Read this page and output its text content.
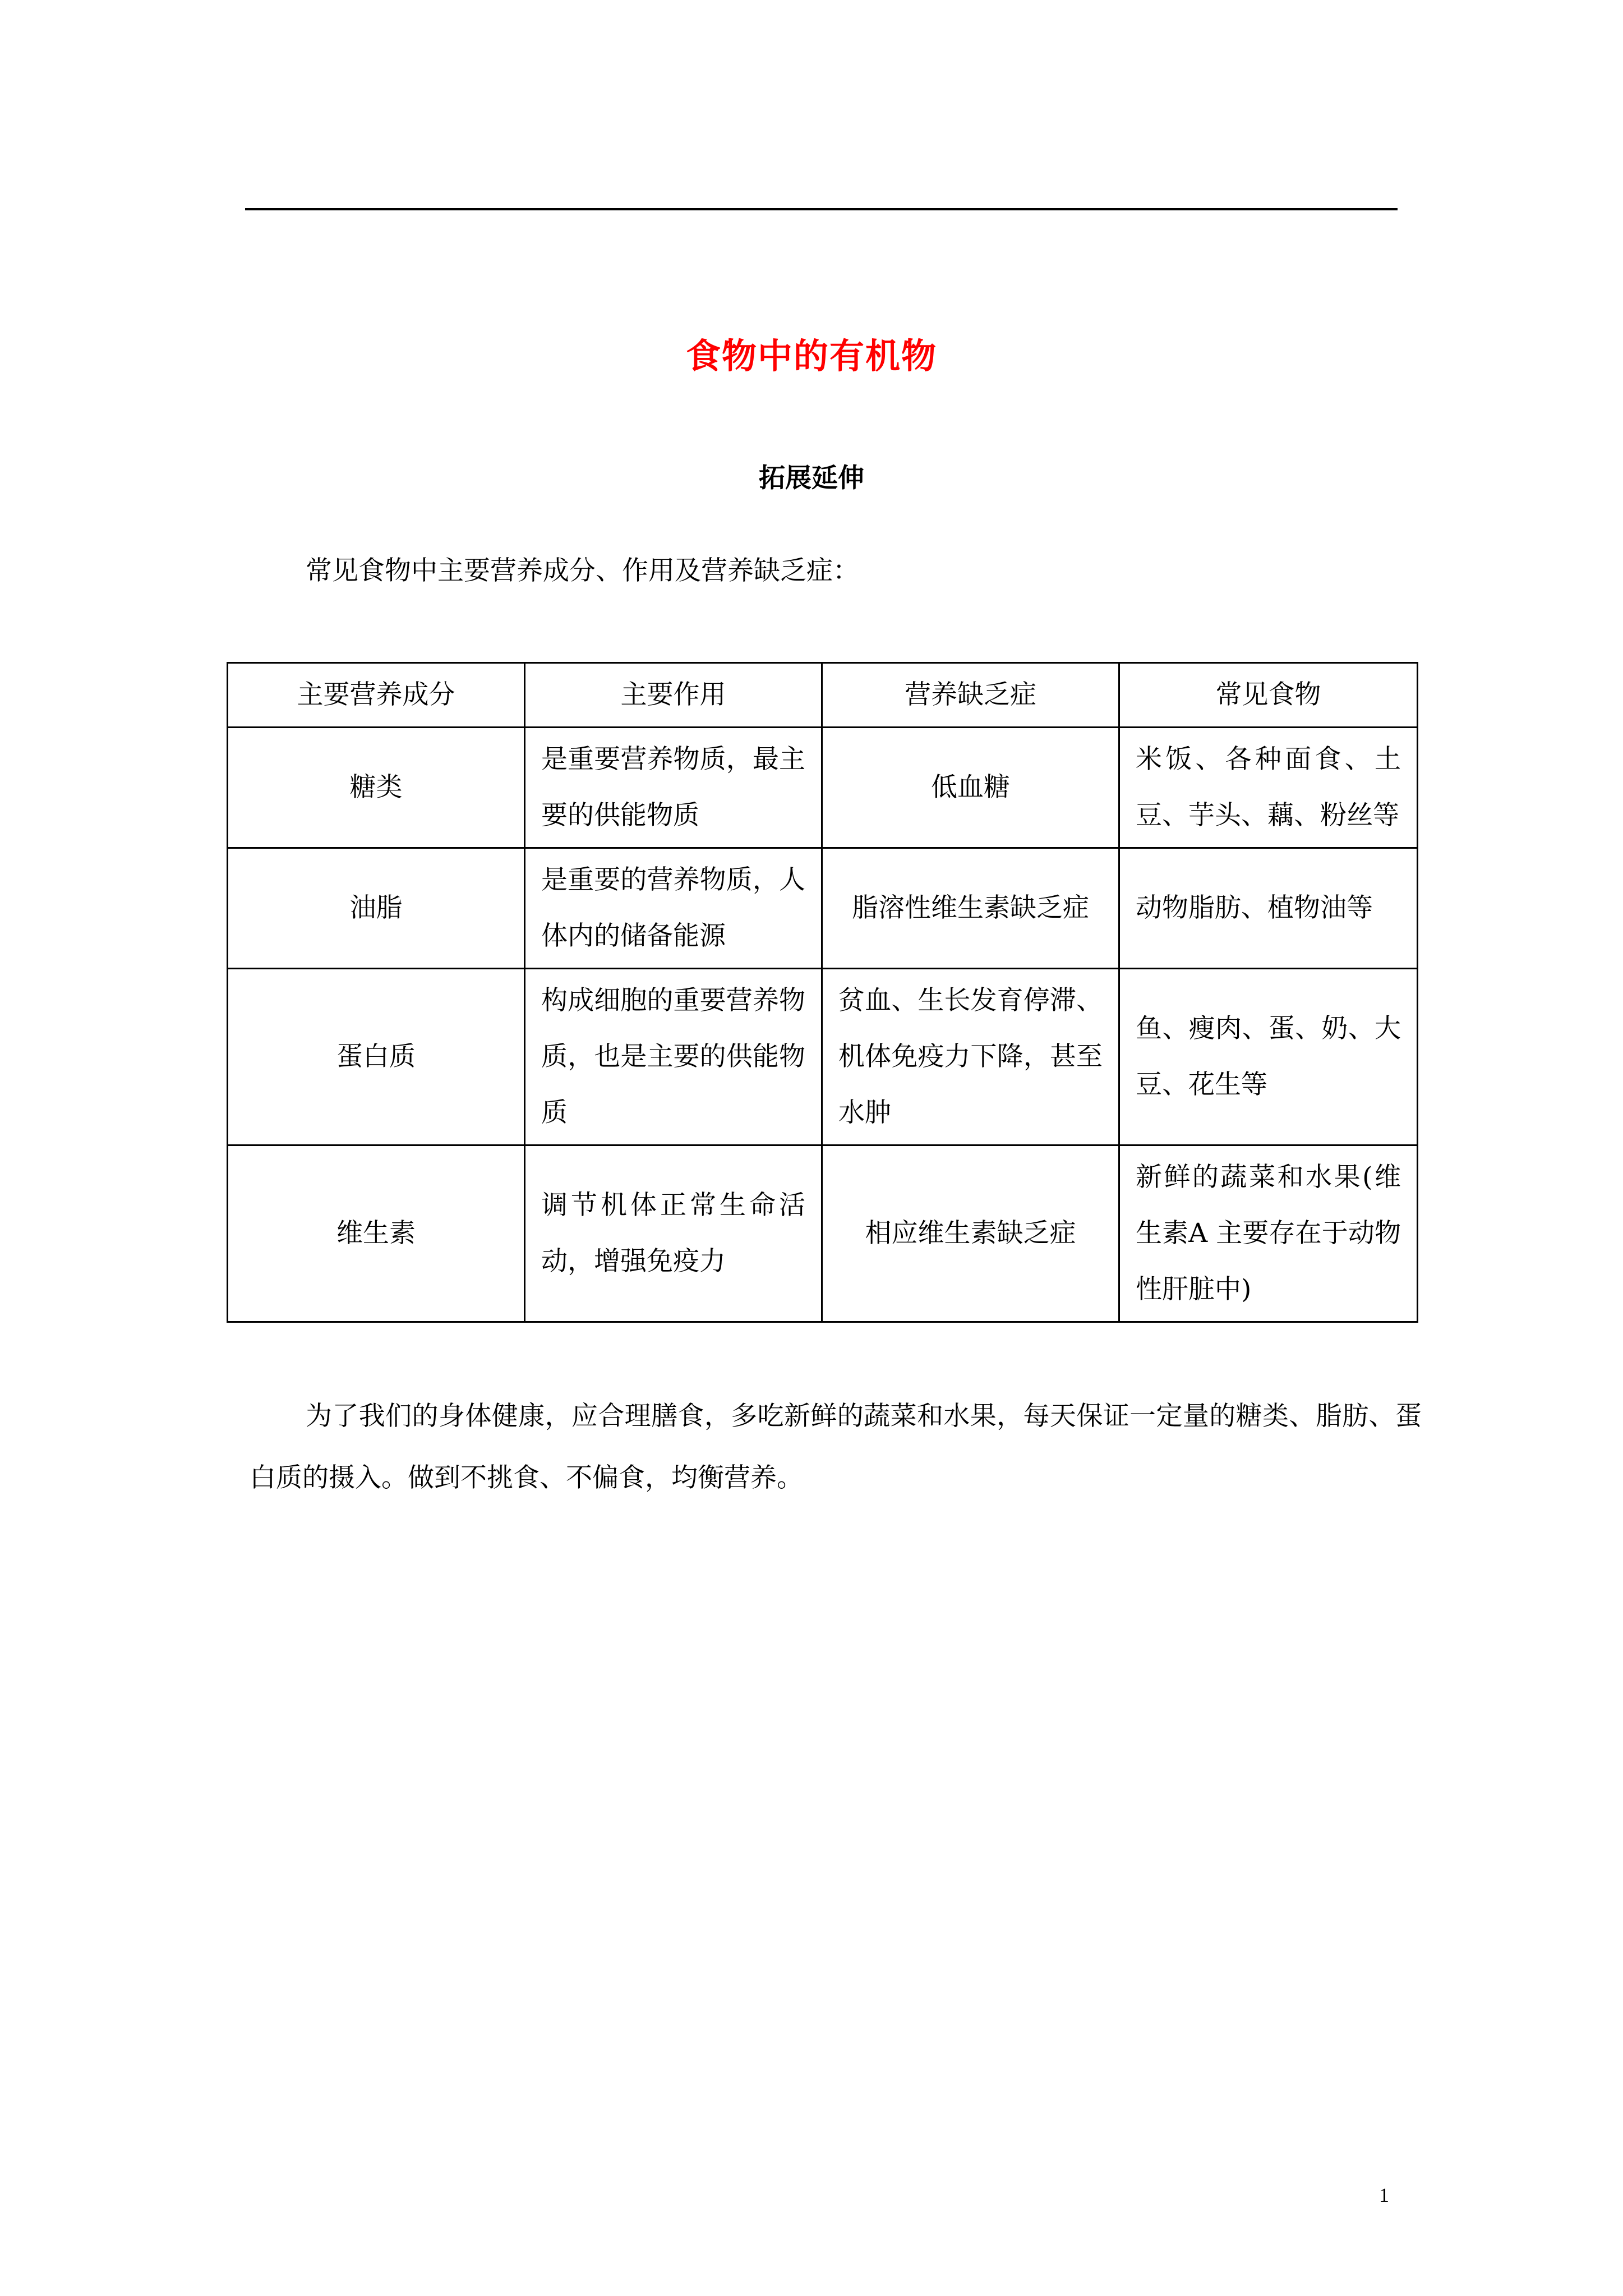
食物中的有机物
拓展延伸
常见食物中主要营养成分、作用及营养缺乏症：
主要营养成分	主要作用	营养缺乏症	常见食物
糖类	是重要营养物质，最主要的供能物质	低血糖	米饭、各种面食、土豆、芋头、藕、粉丝等
油脂	是重要的营养物质，人体内的储备能源	脂溶性维生素缺乏症	动物脂肪、植物油等
蛋白质	构成细胞的重要营养物质，也是主要的供能物质	贫血、生长发育停滞、机体免疫力下降，甚至水肿	鱼、瘦肉、蛋、奶、大豆、花生等
维生素	调节机体正常生命活动，增强免疫力	相应维生素缺乏症	新鲜的蔬菜和水果(维生素A 主要存在于动物性肝脏中)
为了我们的身体健康，应合理膳食，多吃新鲜的蔬菜和水果，每天保证一定量的糖类、脂肪、蛋白质的摄入。做到不挑食、不偏食，均衡营养。
1
